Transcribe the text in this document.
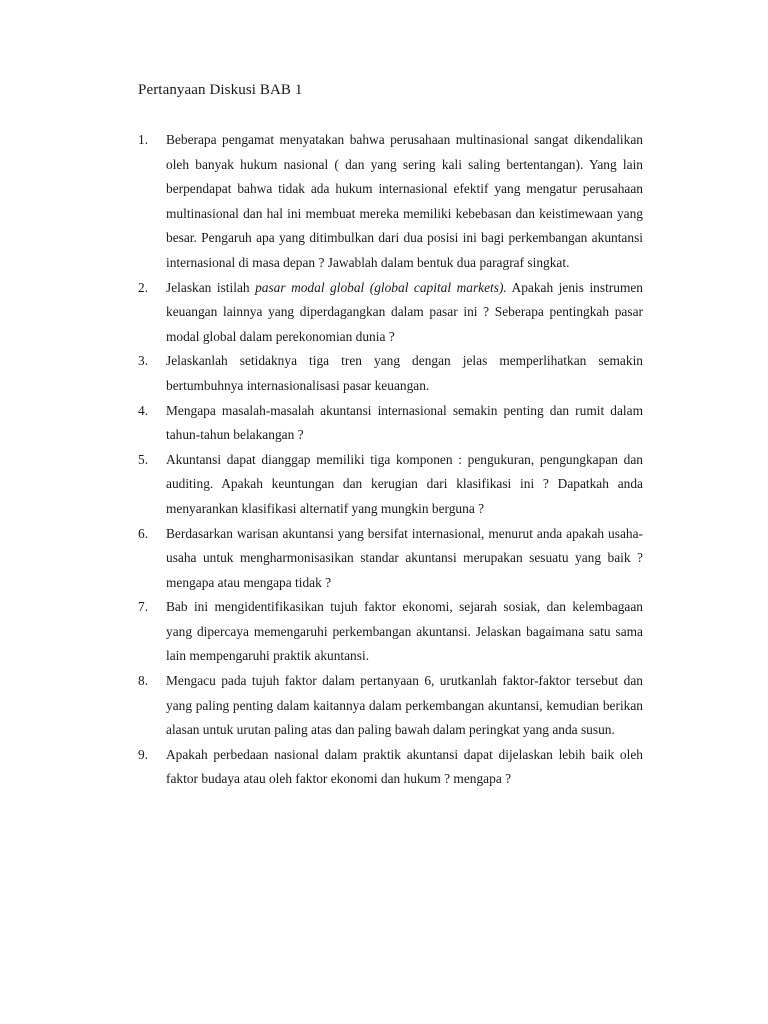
Pertanyaan Diskusi BAB 1
1. Beberapa pengamat menyatakan bahwa perusahaan multinasional sangat dikendalikan oleh banyak hukum nasional ( dan yang sering kali saling bertentangan). Yang lain berpendapat bahwa tidak ada hukum internasional efektif yang mengatur perusahaan multinasional dan hal ini membuat mereka memiliki kebebasan dan keistimewaan yang besar. Pengaruh apa yang ditimbulkan dari dua posisi ini bagi perkembangan akuntansi internasional di masa depan ? Jawablah dalam bentuk dua paragraf singkat.
2. Jelaskan istilah pasar modal global (global capital markets). Apakah jenis instrumen keuangan lainnya yang diperdagangkan dalam pasar ini ? Seberapa pentingkah pasar modal global dalam perekonomian dunia ?
3. Jelaskanlah setidaknya tiga tren yang dengan jelas memperlihatkan semakin bertumbuhnya internasionalisasi pasar keuangan.
4. Mengapa masalah-masalah akuntansi internasional semakin penting dan rumit dalam tahun-tahun belakangan ?
5. Akuntansi dapat dianggap memiliki tiga komponen : pengukuran, pengungkapan dan auditing. Apakah keuntungan dan kerugian dari klasifikasi ini ? Dapatkah anda menyarankan klasifikasi alternatif yang mungkin berguna ?
6. Berdasarkan warisan akuntansi yang bersifat internasional, menurut anda apakah usaha-usaha untuk mengharmonisasikan standar akuntansi merupakan sesuatu yang baik ? mengapa atau mengapa tidak ?
7. Bab ini mengidentifikasikan tujuh faktor ekonomi, sejarah sosiak, dan kelembagaan yang dipercaya memengaruhi perkembangan akuntansi. Jelaskan bagaimana satu sama lain mempengaruhi praktik akuntansi.
8. Mengacu pada tujuh faktor dalam pertanyaan 6, urutkanlah faktor-faktor tersebut dan yang paling penting dalam kaitannya dalam perkembangan akuntansi, kemudian berikan alasan untuk urutan paling atas dan paling bawah dalam peringkat yang anda susun.
9. Apakah perbedaan nasional dalam praktik akuntansi dapat dijelaskan lebih baik oleh faktor budaya atau oleh faktor ekonomi dan hukum ? mengapa ?
